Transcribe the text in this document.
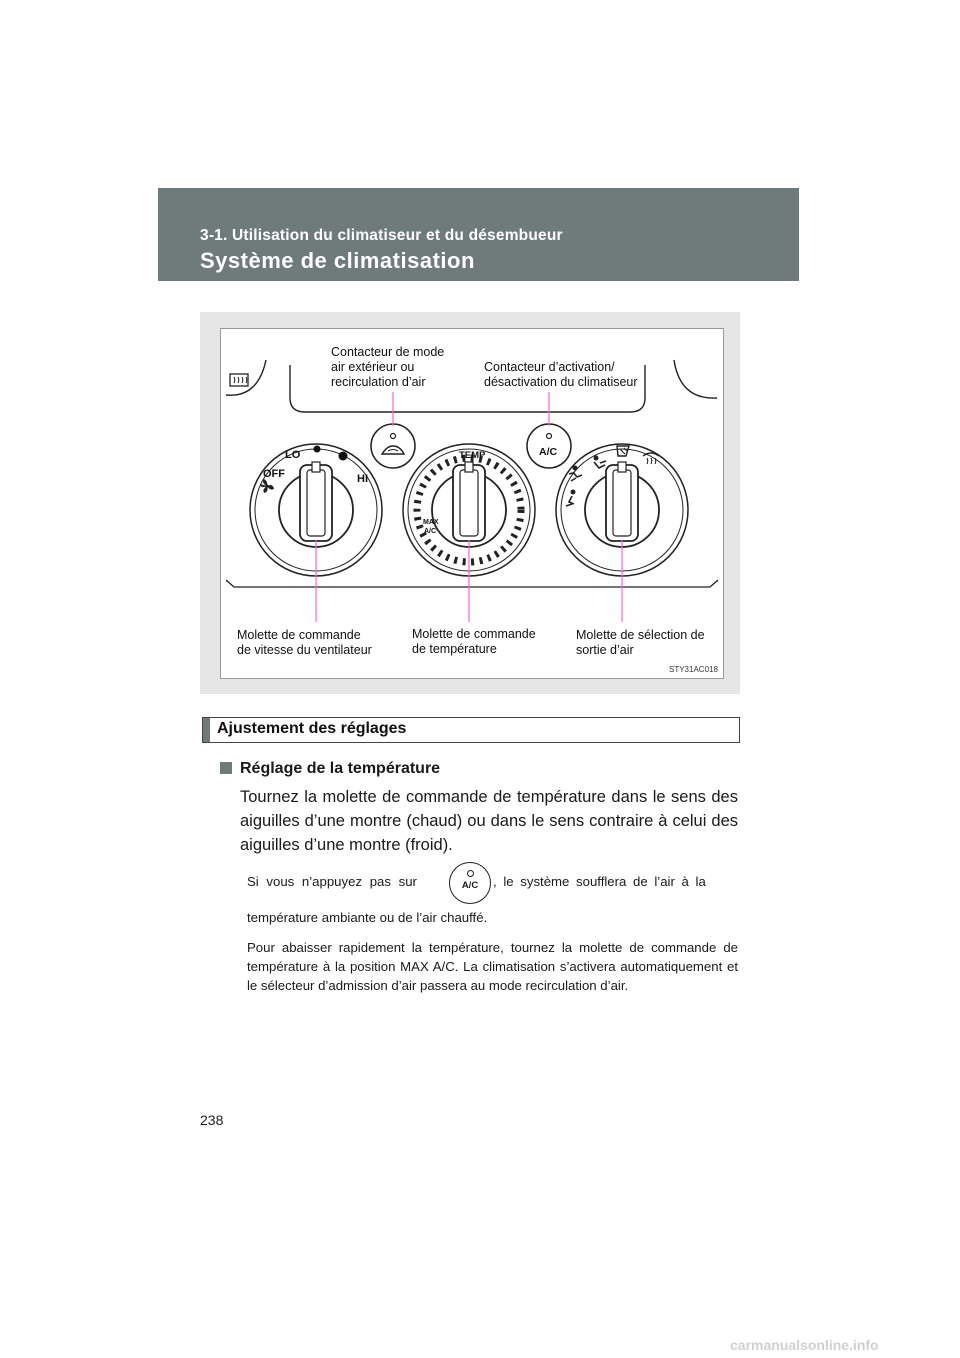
3-1. Utilisation du climatiseur et du désembueur
Système de climatisation
LO
HI
OFF
TEMP
MAX
A/C
A/C
Contacteur de mode
air extérieur ou
recirculation d’air
Contacteur d’activation/
désactivation du climatiseur
Molette de commande
de vitesse du ventilateur
Molette de commande
de température
Molette de sélection de
sortie d’air
STY31AC018
Ajustement des réglages
Réglage de la température
Tournez la molette de commande de température dans le sens des aiguilles d’une montre (chaud) ou dans le sens contraire à celui des aiguilles d’une montre (froid).
Si vous n’appuyez pas sur	A/C	, le système soufflera de l’air à la
température ambiante ou de l’air chauffé.
Pour abaisser rapidement la température, tournez la molette de commande de température à la position MAX A/C. La climatisation s’activera automatiquement et le sélecteur d’admission d’air passera au mode recirculation d’air.
238
carmanualsonline.info
